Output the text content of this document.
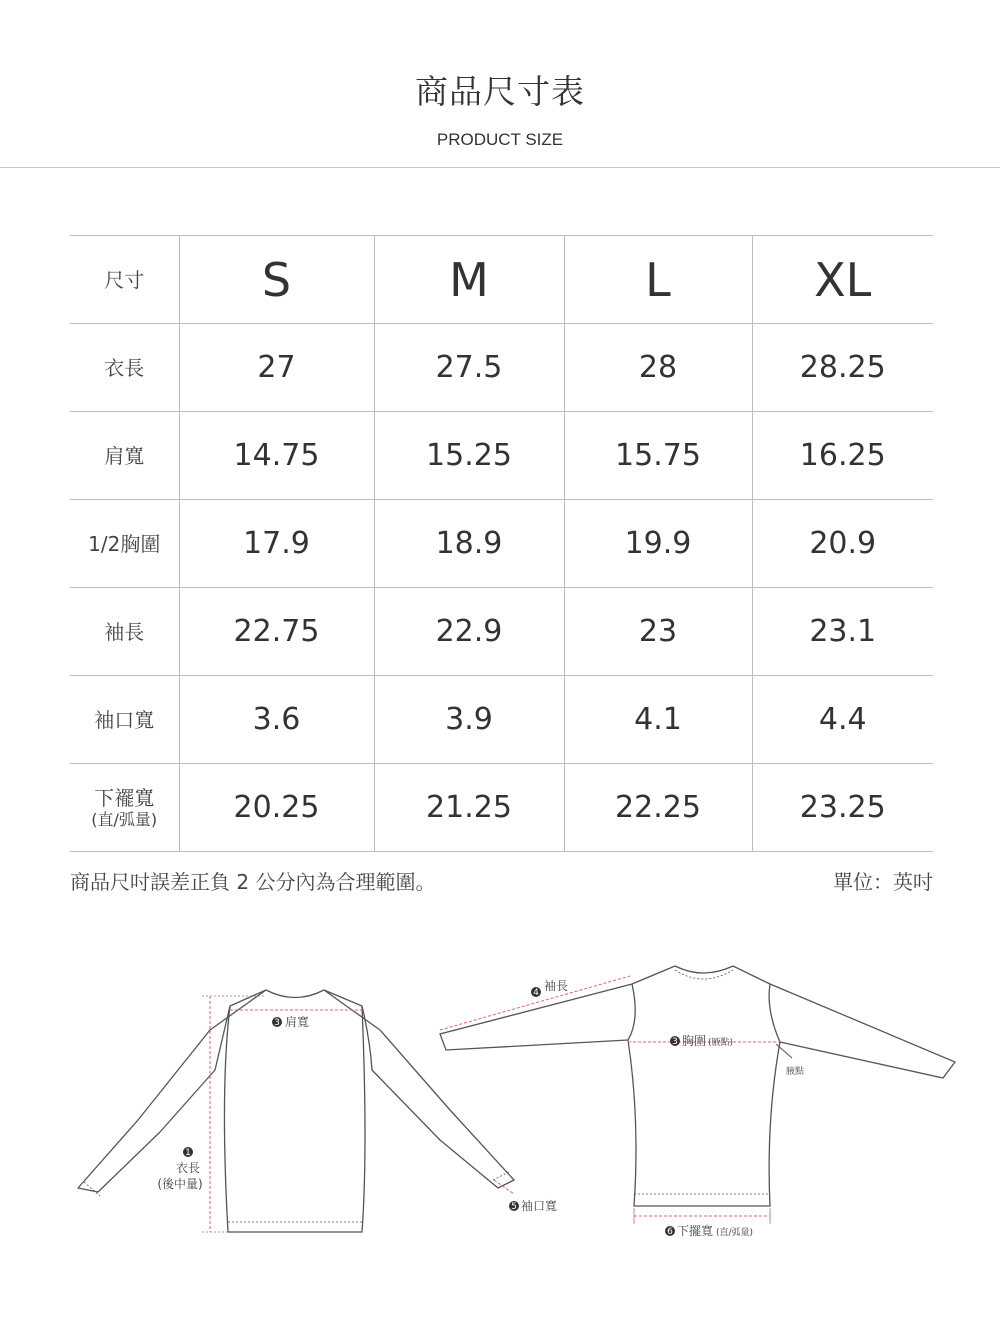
商品尺寸表
PRODUCT SIZE
尺寸	S	M	L	XL
衣長	27	27.5	28	28.25
肩寬	14.75	15.25	15.75	16.25
1/2胸圍	17.9	18.9	19.9	20.9
袖長	22.75	22.9	23	23.1
袖口寬	3.6	3.9	4.1	4.4
下襬寬
(直/弧量)	20.25	21.25	22.25	23.25
商品尺吋誤差正負 2 公分內為合理範圍。	單位：英吋
3 肩寬
1
衣長
(後中量)
4 袖長
3 胸圍 (腋點)
腋點
5 袖口寬
6 下擺寬 (直/弧量)
